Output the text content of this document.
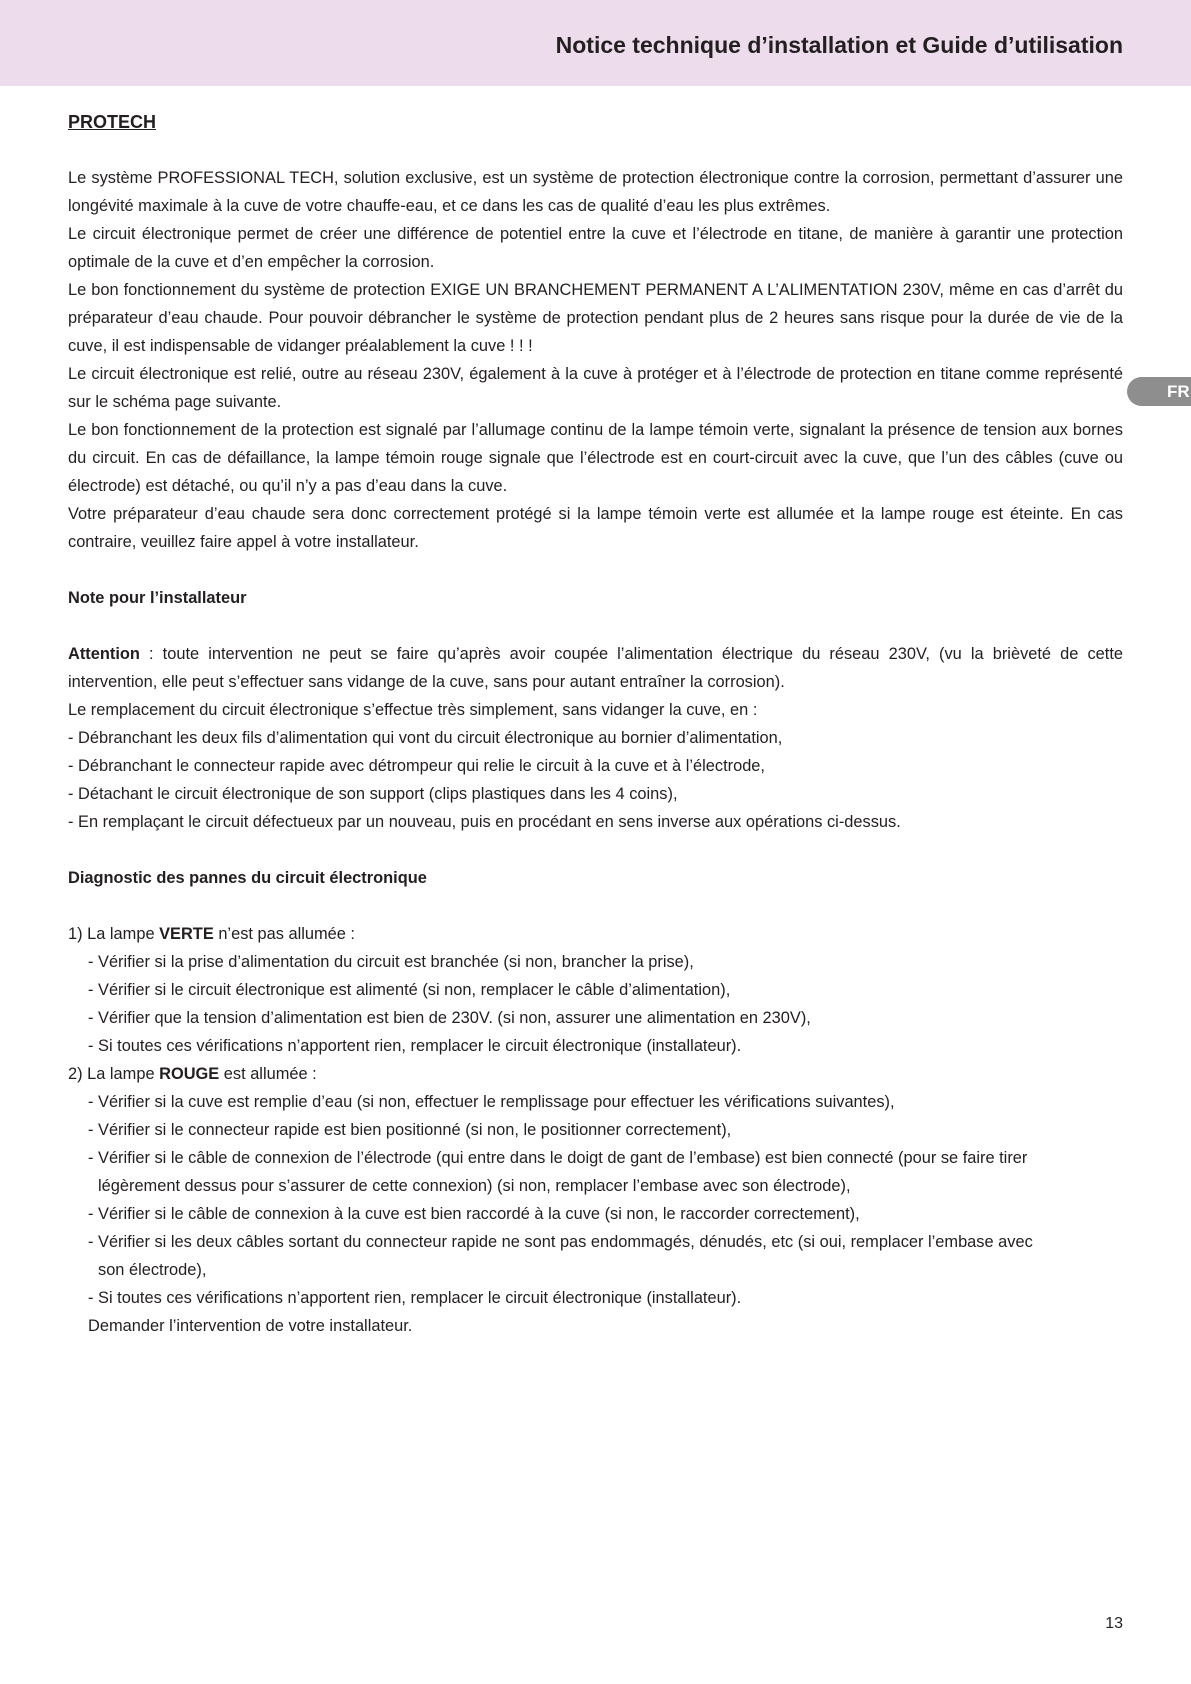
Notice technique d’installation et Guide d’utilisation
FR
PROTECH

Le système PROFESSIONAL TECH, solution exclusive, est un système de protection électronique contre la corrosion, permettant d’assurer une longévité maximale à la cuve de votre chauffe-eau, et ce dans les cas de qualité d’eau les plus extrêmes.

Le circuit électronique permet de créer une différence de potentiel entre la cuve et l’électrode en titane, de manière à garantir une protection optimale de la cuve et d’en empêcher la corrosion.

Le bon fonctionnement du système de protection EXIGE UN BRANCHEMENT PERMANENT A L’ALIMENTATION 230V, même en cas d’arrêt du préparateur d’eau chaude. Pour pouvoir débrancher le système de protection pendant plus de 2 heures sans risque pour la durée de vie de la cuve, il est indispensable de vidanger préalablement la cuve ! ! !

Le circuit électronique est relié, outre au réseau 230V, également à la cuve à protéger et à l’électrode de protection en titane comme représenté sur le schéma page suivante.

Le bon fonctionnement de la protection est signalé par l’allumage continu de la lampe témoin verte, signalant la présence de tension aux bornes du circuit. En cas de défaillance, la lampe témoin rouge signale que l’électrode est en court-circuit avec la cuve, que l’un des câbles (cuve ou électrode) est détaché, ou qu’il n’y a pas d’eau dans la cuve.

Votre préparateur d’eau chaude sera donc correctement protégé si la lampe témoin verte est allumée et la lampe rouge est éteinte. En cas contraire, veuillez faire appel à votre installateur.

Note pour l’installateur

Attention : toute intervention ne peut se faire qu’après avoir coupée l’alimentation électrique du réseau 230V, (vu la brièveté de cette intervention, elle peut s’effectuer sans vidange de la cuve, sans pour autant entraîner la corrosion).

Le remplacement du circuit électronique s’effectue très simplement, sans vidanger la cuve, en :

- Débranchant les deux fils d’alimentation qui vont du circuit électronique au bornier d’alimentation,

- Débranchant le connecteur rapide avec détrompeur qui relie le circuit à la cuve et à l’électrode,

- Détachant le circuit électronique de son support (clips plastiques dans les 4 coins),

- En remplaçant le circuit défectueux par un nouveau, puis en procédant en sens inverse aux opérations ci-dessus.

Diagnostic des pannes du circuit électronique

1) La lampe VERTE n’est pas allumée :

- Vérifier si la prise d’alimentation du circuit est branchée (si non, brancher la prise),

- Vérifier si le circuit électronique est alimenté (si non, remplacer le câble d’alimentation),

- Vérifier que la tension d’alimentation est bien de 230V. (si non, assurer une alimentation en 230V),

- Si toutes ces vérifications n’apportent rien, remplacer le circuit électronique (installateur).

2) La lampe ROUGE est allumée :

- Vérifier si la cuve est remplie d’eau (si non, effectuer le remplissage pour effectuer les vérifications suivantes),

- Vérifier si le connecteur rapide est bien positionné (si non, le positionner correctement),

- Vérifier si le câble de connexion de l’électrode (qui entre dans le doigt de gant de l’embase) est bien connecté (pour se faire tirer

légèrement dessus pour s’assurer de cette connexion) (si non, remplacer l’embase avec son électrode),

- Vérifier si le câble de connexion à la cuve est bien raccordé à la cuve (si non, le raccorder correctement),

- Vérifier si les deux câbles sortant du connecteur rapide ne sont pas endommagés, dénudés, etc (si oui, remplacer l’embase avec

son électrode),

- Si toutes ces vérifications n’apportent rien, remplacer le circuit électronique (installateur).

Demander l’intervention de votre installateur.

13
